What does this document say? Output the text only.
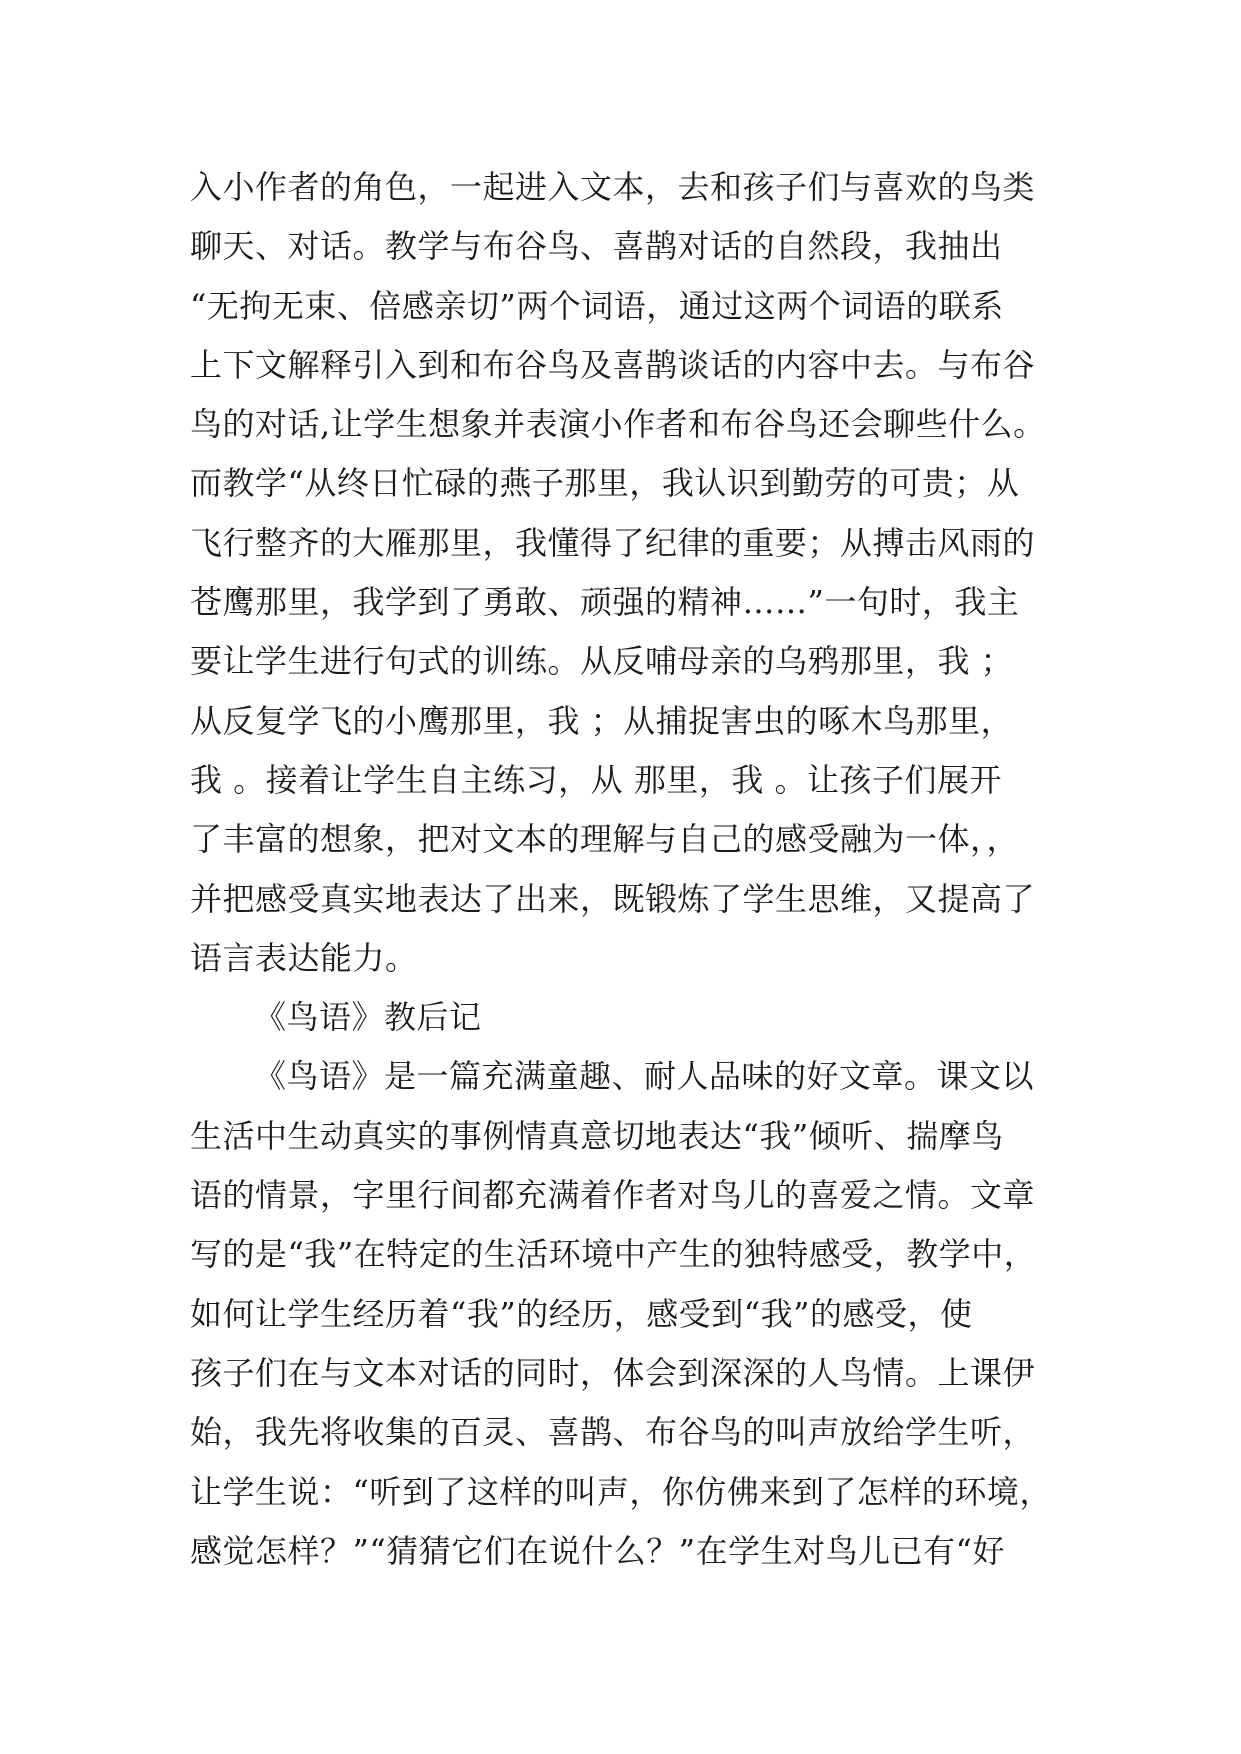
入小作者的角色，一起进入文本，去和孩子们与喜欢的鸟类
聊天、对话。教学与布谷鸟、喜鹊对话的自然段，我抽出
“无拘无束、倍感亲切”两个词语，通过这两个词语的联系
上下文解释引入到和布谷鸟及喜鹊谈话的内容中去。与布谷
鸟的对话,让学生想象并表演小作者和布谷鸟还会聊些什么。
而教学“从终日忙碌的燕子那里，我认识到勤劳的可贵；从
飞行整齐的大雁那里，我懂得了纪律的重要；从搏击风雨的
苍鹰那里，我学到了勇敢、顽强的精神……”一句时，我主
要让学生进行句式的训练。从反哺母亲的乌鸦那里，我 ；
从反复学飞的小鹰那里，我 ；从捕捉害虫的啄木鸟那里，
我 。接着让学生自主练习，从 那里，我 。让孩子们展开
了丰富的想象，把对文本的理解与自己的感受融为一体，，
并把感受真实地表达了出来，既锻炼了学生思维，又提高了
语言表达能力。
《鸟语》教后记
《鸟语》是一篇充满童趣、耐人品味的好文章。课文以
生活中生动真实的事例情真意切地表达“我”倾听、揣摩鸟
语的情景，字里行间都充满着作者对鸟儿的喜爱之情。文章
写的是“我”在特定的生活环境中产生的独特感受，教学中，
如何让学生经历着“我”的经历，感受到“我”的感受，使
孩子们在与文本对话的同时，体会到深深的人鸟情。上课伊
始，我先将收集的百灵、喜鹊、布谷鸟的叫声放给学生听，
让学生说：“听到了这样的叫声，你仿佛来到了怎样的环境，
感觉怎样？”“猜猜它们在说什么？”在学生对鸟儿已有“好
